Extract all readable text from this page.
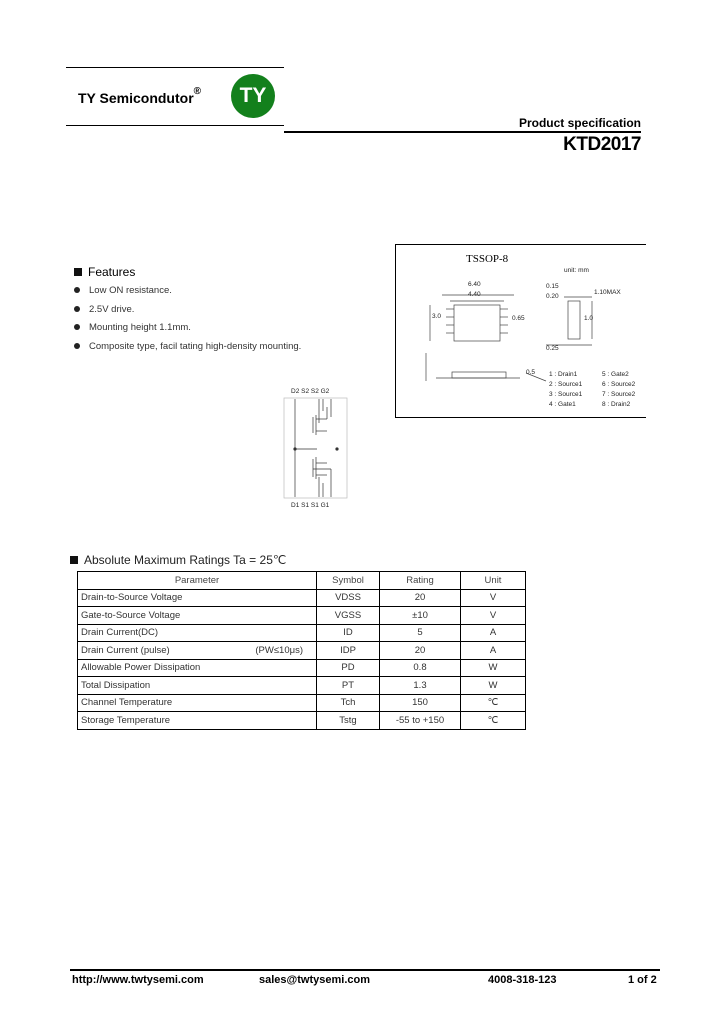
TY Semicondutor®	TY
Product specification
KTD2017
Features
Low ON resistance.
2.5V drive.
Mounting height 1.1mm.
Composite type, facil tating high-density mounting.
TSSOP-8
unit: mm
6.40
4.40
3.0	0.65
1.10MAX
0.15
0.20
0.25
1.0
0.5 1 : Drain1
2 : Source1
3 : Source1
4 : Gate1
5 : Gate2
6 : Source2
7 : Source2
8 : Drain2
D2 S2 S2 G2
D1 S1 S1 G1
Absolute Maximum Ratings Ta = 25℃
Parameter	Symbol	Rating	Unit
Drain-to-Source Voltage	VDSS	20	V
Gate-to-Source Voltage	VGSS	±10	V
Drain Current(DC)	ID	5	A
Drain Current (pulse) (PW≤10μs)	IDP	20	A
Allowable Power Dissipation	PD	0.8	W
Total Dissipation	PT	1.3	W
Channel Temperature	Tch	150	℃
Storage Temperature	Tstg	-55 to +150	℃
http://www.twtysemi.com	sales@twtysemi.com	4008-318-123	1 of 2
